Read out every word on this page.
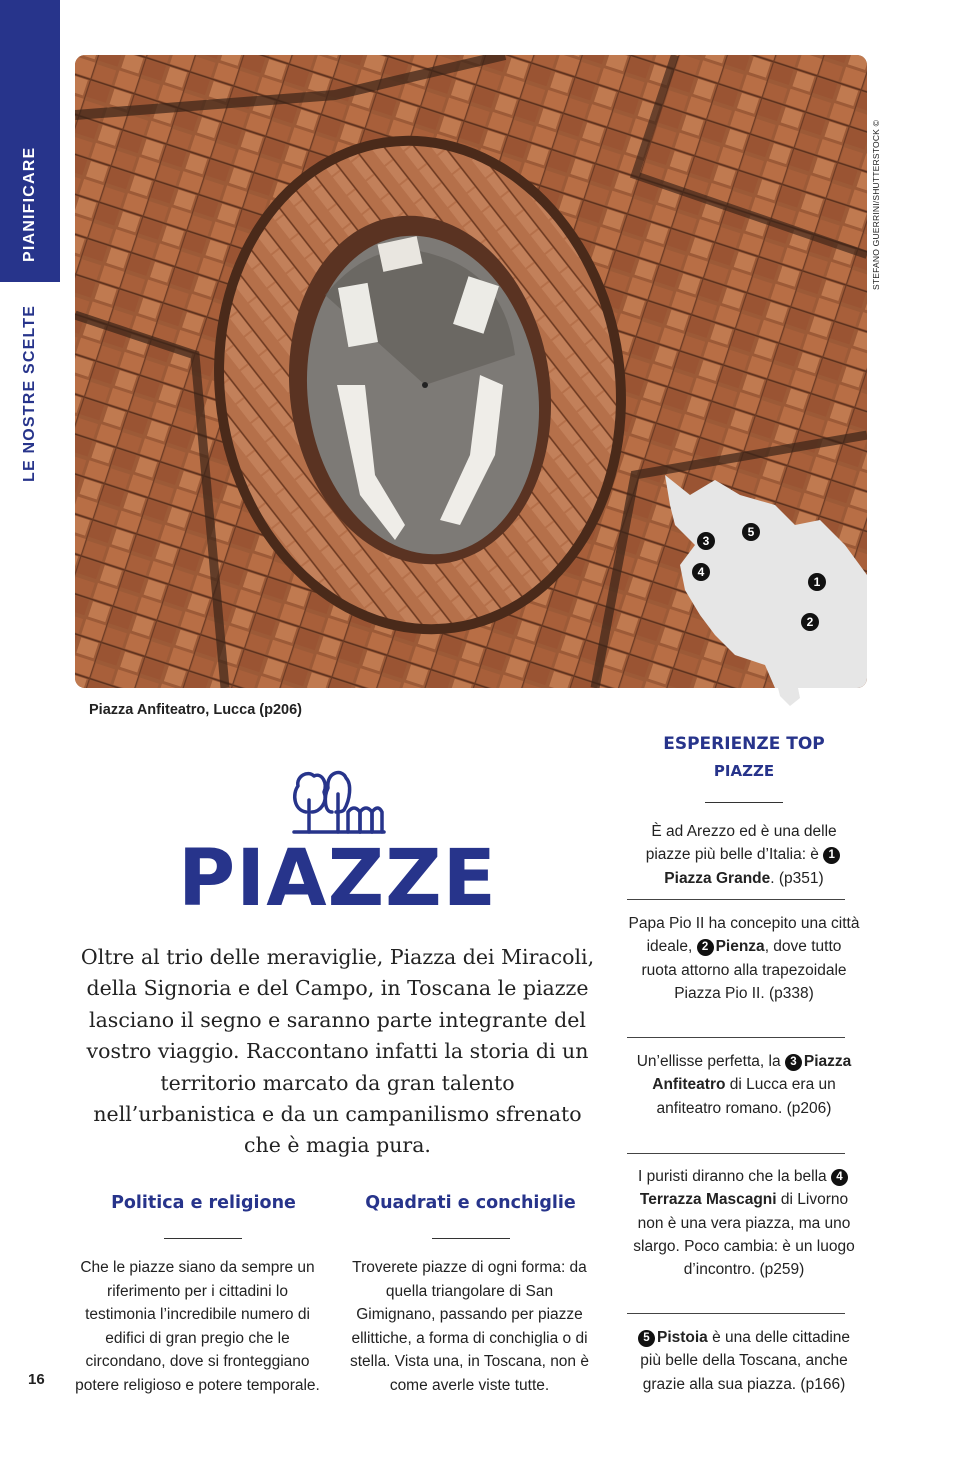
PIANIFICARE
LE NOSTRE SCELTE
1
2
3
4
5
STEFANO GUERRINI/SHUTTERSTOCK ©
Piazza Anfiteatro, Lucca (p206)
PIAZZE
Oltre al trio delle meraviglie, Piazza dei Miracoli, della Signoria e del Campo, in Toscana le piazze lasciano il segno e saranno parte integrante del vostro viaggio. Raccontano infatti la storia di un territorio marcato da gran talento nell’urbanistica e da un campanilismo sfrenato che è magia pura.
Politica e religione
Che le piazze siano da sempre un riferimento per i cittadini lo testimonia l’incredibile numero di edifici di gran pregio che le circondano, dove si fronteggiano potere religioso e potere temporale.
Quadrati e conchiglie
Troverete piazze di ogni forma: da quella triangolare di San Gimignano, passando per piazze ellittiche, a forma di conchiglia o di stella. Vista una, in Toscana, non è come averle viste tutte.
16
ESPERIENZE TOP
PIAZZE
È ad Arezzo ed è una delle piazze più belle d’Italia: è 1Piazza Grande. (p351)
Papa Pio II ha concepito una città ideale, 2 Pienza, dove tutto ruota attorno alla trapezoidale Piazza Pio II. (p338)
Un’ellisse perfetta, la 3 Piazza Anfiteatro di Lucca era un anfiteatro romano. (p206)
I puristi diranno che la bella 4Terrazza Mascagni di Livorno non è una vera piazza, ma uno slargo. Poco cambia: è un luogo d’incontro. (p259)
5 Pistoia è una delle cittadine più belle della Toscana, anche grazie alla sua piazza. (p166)
